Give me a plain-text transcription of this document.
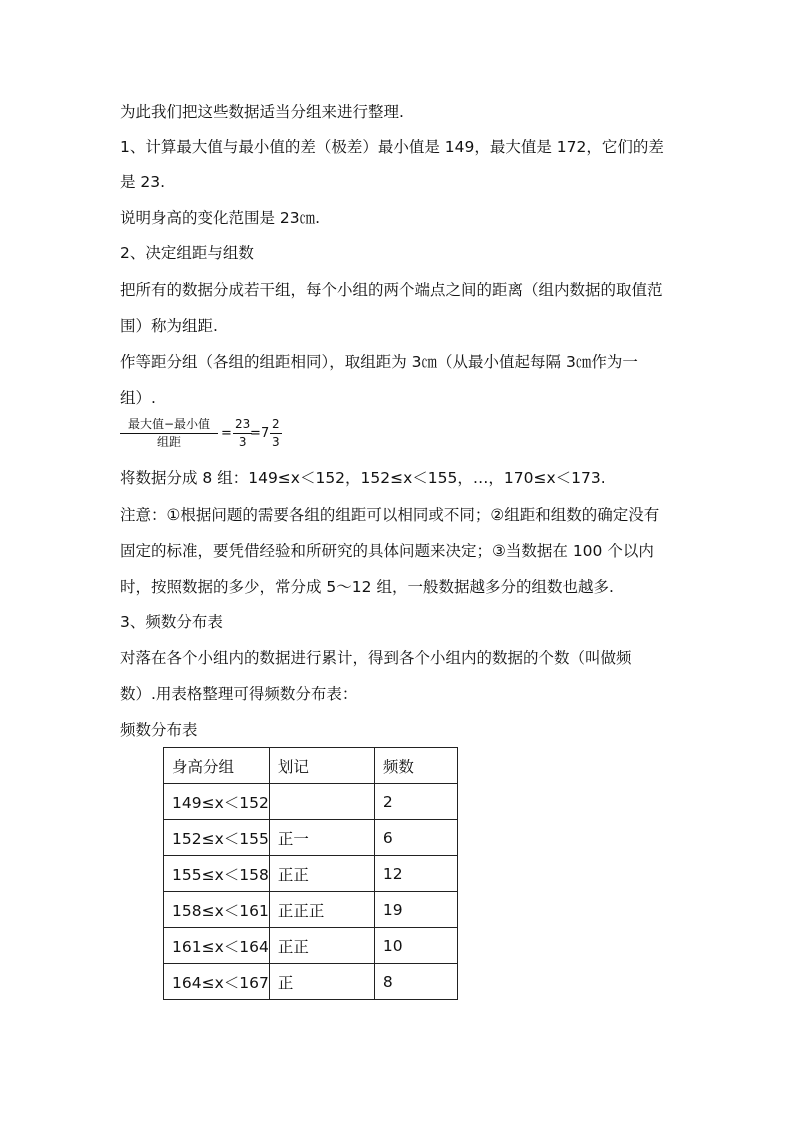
为此我们把这些数据适当分组来进行整理.
1、计算最大值与最小值的差（极差）最小值是 149，最大值是 172，它们的差
是 23.
说明身高的变化范围是 23㎝.
2、决定组距与组数
把所有的数据分成若干组，每个小组的两个端点之间的距离（组内数据的取值范
围）称为组距.
作等距分组（各组的组距相同），取组距为 3㎝（从最小值起每隔 3㎝作为一
组）.
最大值−最小值
组距
= $\frac{23}{3}$
= $7 \frac{2}{3}$
将数据分成 8 组：149≤x＜152，152≤x＜155，…，170≤x＜173.
注意：①根据问题的需要各组的组距可以相同或不同；②组距和组数的确定没有
固定的标准，要凭借经验和所研究的具体问题来决定；③当数据在 100 个以内
时，按照数据的多少，常分成 5～12 组，一般数据越多分的组数也越多.
3、频数分布表
对落在各个小组内的数据进行累计，得到各个小组内的数据的个数（叫做频
数）.用表格整理可得频数分布表：
频数分布表
身高分组	划记	频数
149≤x＜152		2
152≤x＜155	正一	6
155≤x＜158	正正	12
158≤x＜161	正正正	19
161≤x＜164	正正	10
164≤x＜167	正	8
